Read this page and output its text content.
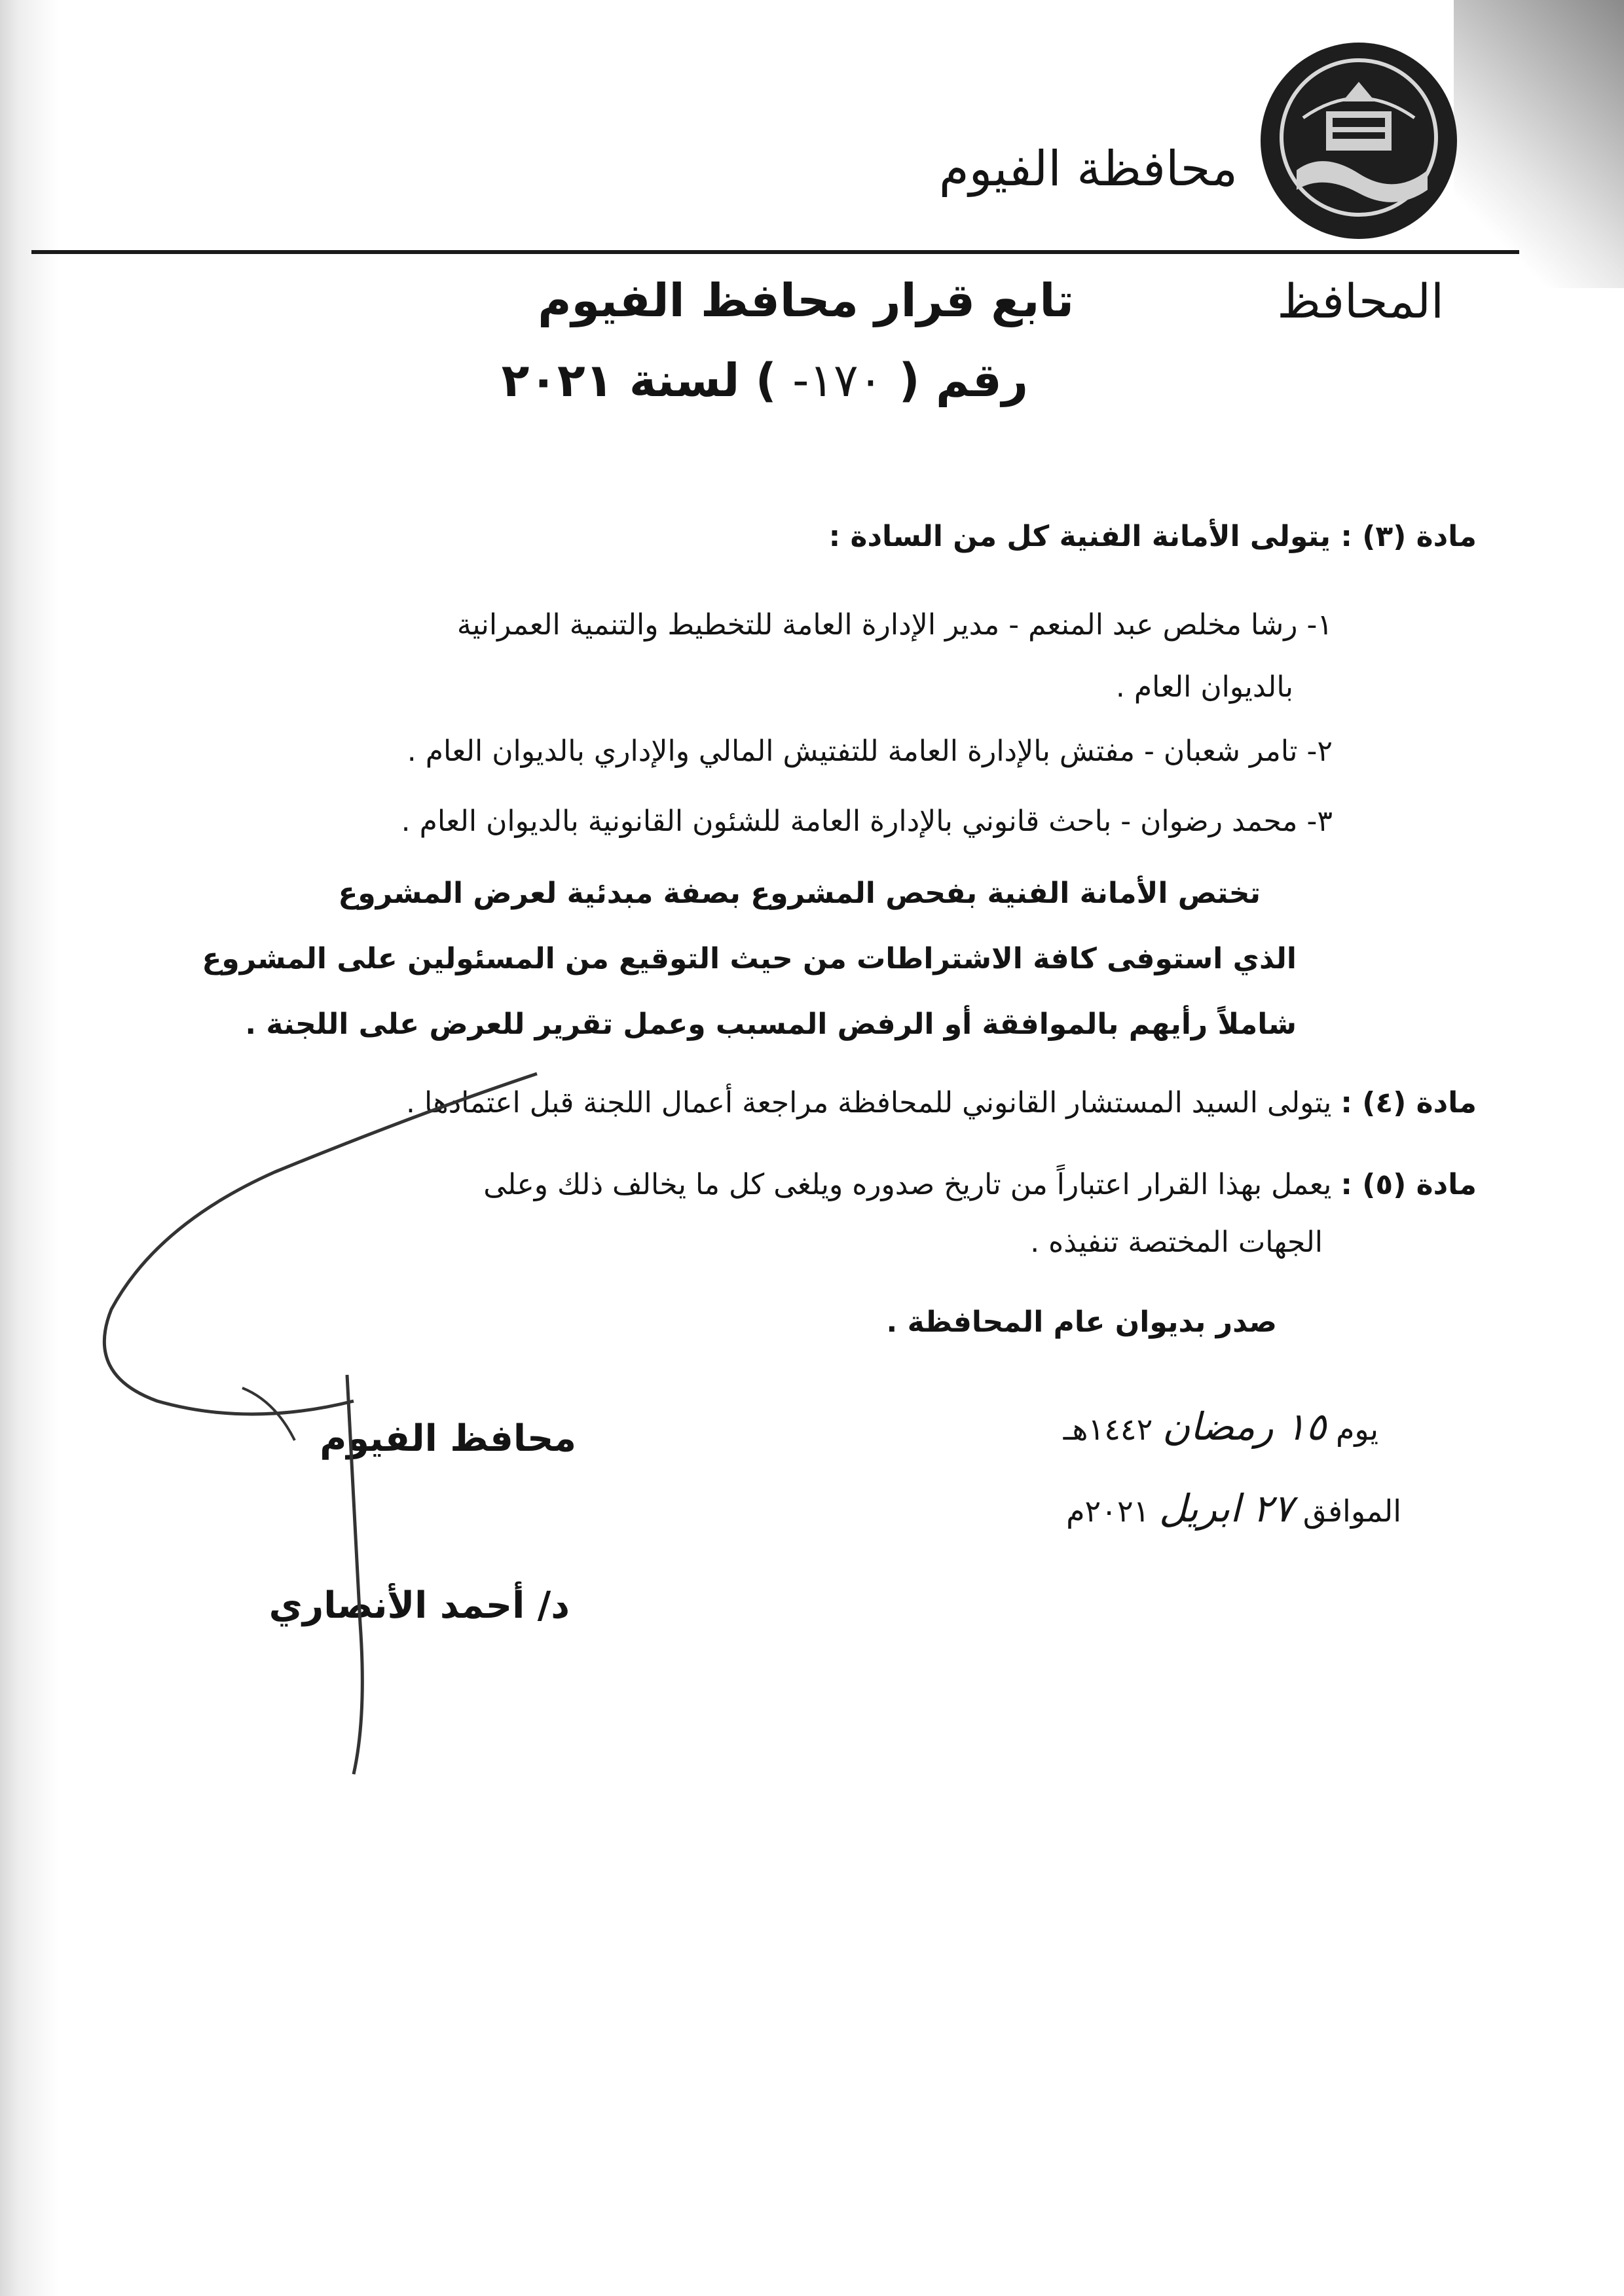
محافظة الفيوم
المحافظ
تابع قرار محافظ الفيوم
رقم ( ١٧٠- ) لسنة ٢٠٢١
مادة (٣) : يتولى الأمانة الفنية كل من السادة :
١- رشا مخلص عبد المنعم - مدير الإدارة العامة للتخطيط والتنمية العمرانية
بالديوان العام .
٢- تامر شعبان - مفتش بالإدارة العامة للتفتيش المالي والإداري بالديوان العام .
٣- محمد رضوان - باحث قانوني بالإدارة العامة للشئون القانونية بالديوان العام .
تختص الأمانة الفنية بفحص المشروع بصفة مبدئية لعرض المشروع
الذي استوفى كافة الاشتراطات من حيث التوقيع من المسئولين على المشروع
شاملاً رأيهم بالموافقة أو الرفض المسبب وعمل تقرير للعرض على اللجنة .
مادة (٤) : يتولى السيد المستشار القانوني للمحافظة مراجعة أعمال اللجنة قبل اعتمادها .
مادة (٥) : يعمل بهذا القرار اعتباراً من تاريخ صدوره ويلغى كل ما يخالف ذلك وعلى
الجهات المختصة تنفيذه .
صدر بديوان عام المحافظة .
يوم ١٥ رمضان ١٤٤٢هـ
الموافق ٢٧ ابريل ٢٠٢١م
محافظ الفيوم
د/ أحمد الأنصاري
